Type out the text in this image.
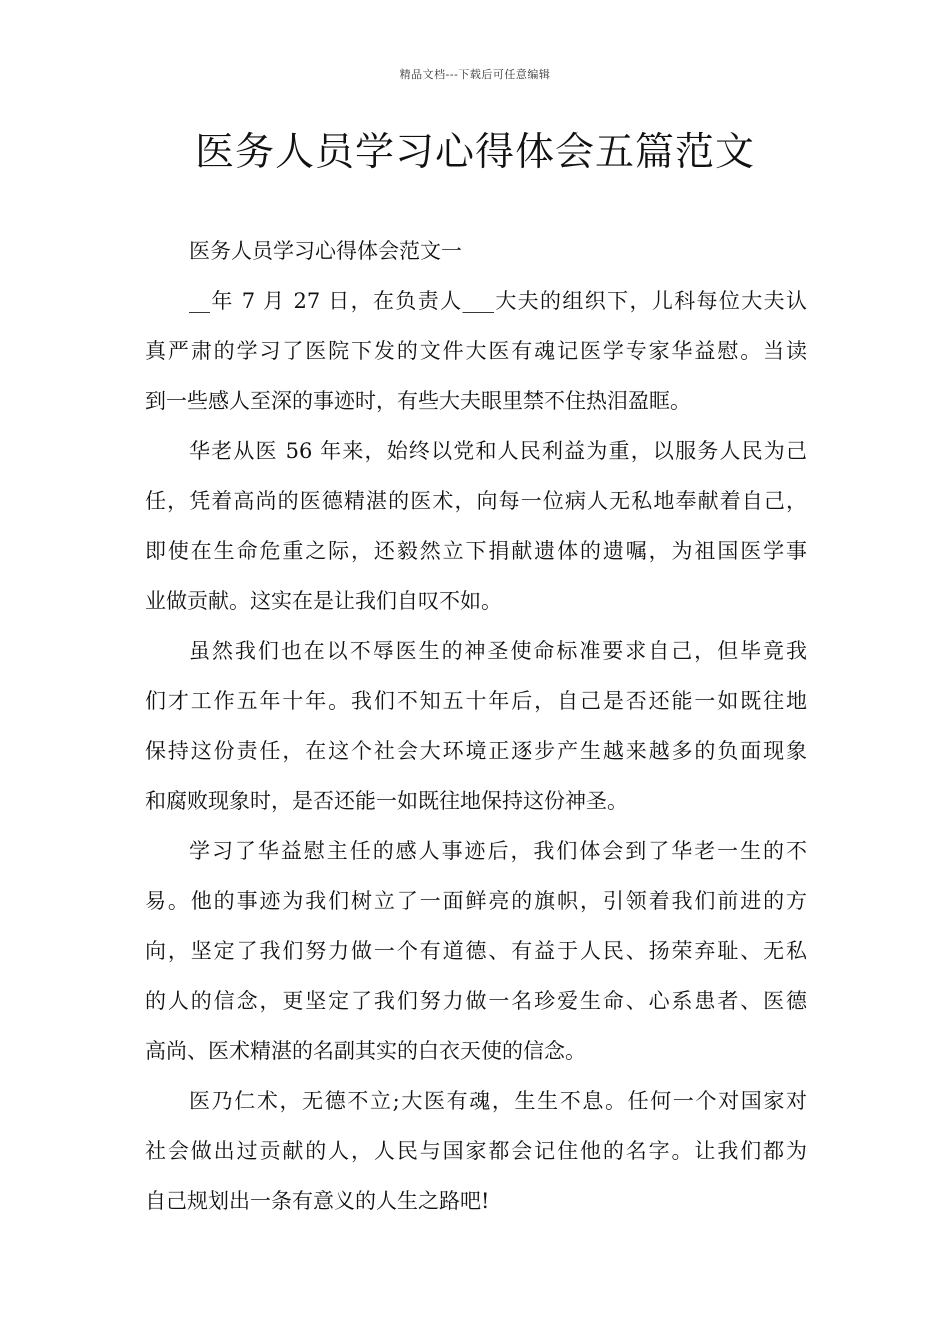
精品文档---下载后可任意编辑
医务人员学习心得体会五篇范文

医务人员学习心得体会范文一

__年 7 月 27 日，在负责人___大夫的组织下，儿科每位大夫认
真严肃的学习了医院下发的文件大医有魂记医学专家华益慰。当读
到一些感人至深的事迹时，有些大夫眼里禁不住热泪盈眶。

华老从医 56 年来，始终以党和人民利益为重，以服务人民为己
任，凭着高尚的医德精湛的医术，向每一位病人无私地奉献着自己，
即使在生命危重之际，还毅然立下捐献遗体的遗嘱，为祖国医学事
业做贡献。这实在是让我们自叹不如。

虽然我们也在以不辱医生的神圣使命标准要求自己，但毕竟我
们才工作五年十年。我们不知五十年后，自己是否还能一如既往地
保持这份责任，在这个社会大环境正逐步产生越来越多的负面现象
和腐败现象时，是否还能一如既往地保持这份神圣。

学习了华益慰主任的感人事迹后，我们体会到了华老一生的不
易。他的事迹为我们树立了一面鲜亮的旗帜，引领着我们前进的方
向，坚定了我们努力做一个有道德、有益于人民、扬荣弃耻、无私
的人的信念，更坚定了我们努力做一名珍爱生命、心系患者、医德
高尚、医术精湛的名副其实的白衣天使的信念。

医乃仁术，无德不立;大医有魂，生生不息。任何一个对国家对
社会做出过贡献的人，人民与国家都会记住他的名字。让我们都为
自己规划出一条有意义的人生之路吧!
